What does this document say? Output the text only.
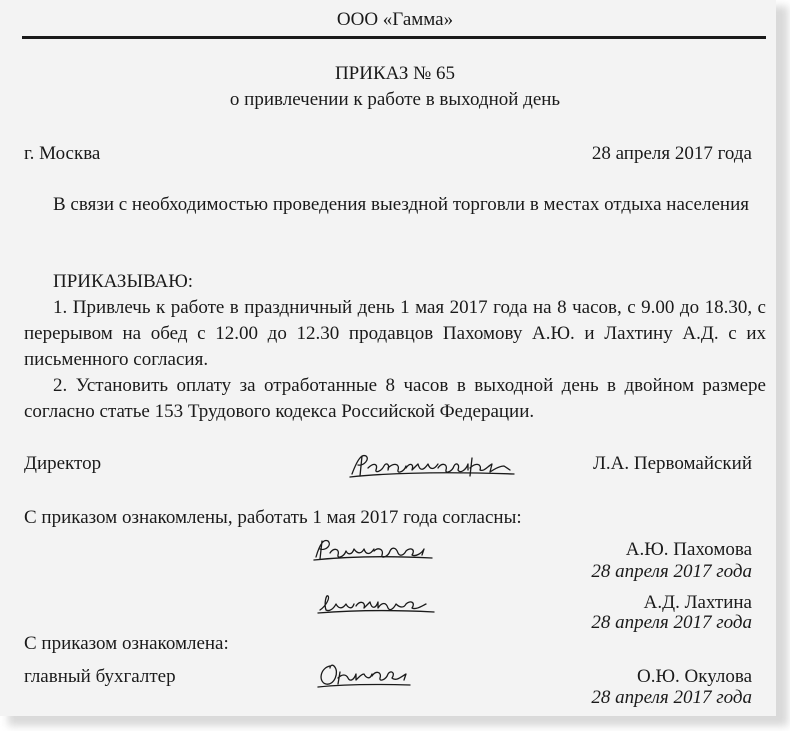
ООО «Гамма»
ПРИКАЗ № 65
о привлечении к работе в выходной день
г. Москва	28 апреля 2017 года
В связи с необходимостью проведения выездной торговли в местах отдыха населения
ПРИКАЗЫВАЮ:
1. Привлечь к работе в праздничный день 1 мая 2017 года на 8 часов, с 9.00 до 18.30, с перерывом на обед с 12.00 до 12.30 продавцов Пахомову А.Ю. и Лахтину А.Д. с их письменного согласия.
2. Установить оплату за отработанные 8 часов в выходной день в двойном размере согласно статье 153 Трудового кодекса Российской Федерации.
Директор	Л.А. Первомайский
С приказом ознакомлены, работать 1 мая 2017 года согласны:
А.Ю. Пахомова
28 апреля 2017 года
А.Д. Лахтина
28 апреля 2017 года
С приказом ознакомлена:
главный бухгалтер	О.Ю. Окулова
28 апреля 2017 года
